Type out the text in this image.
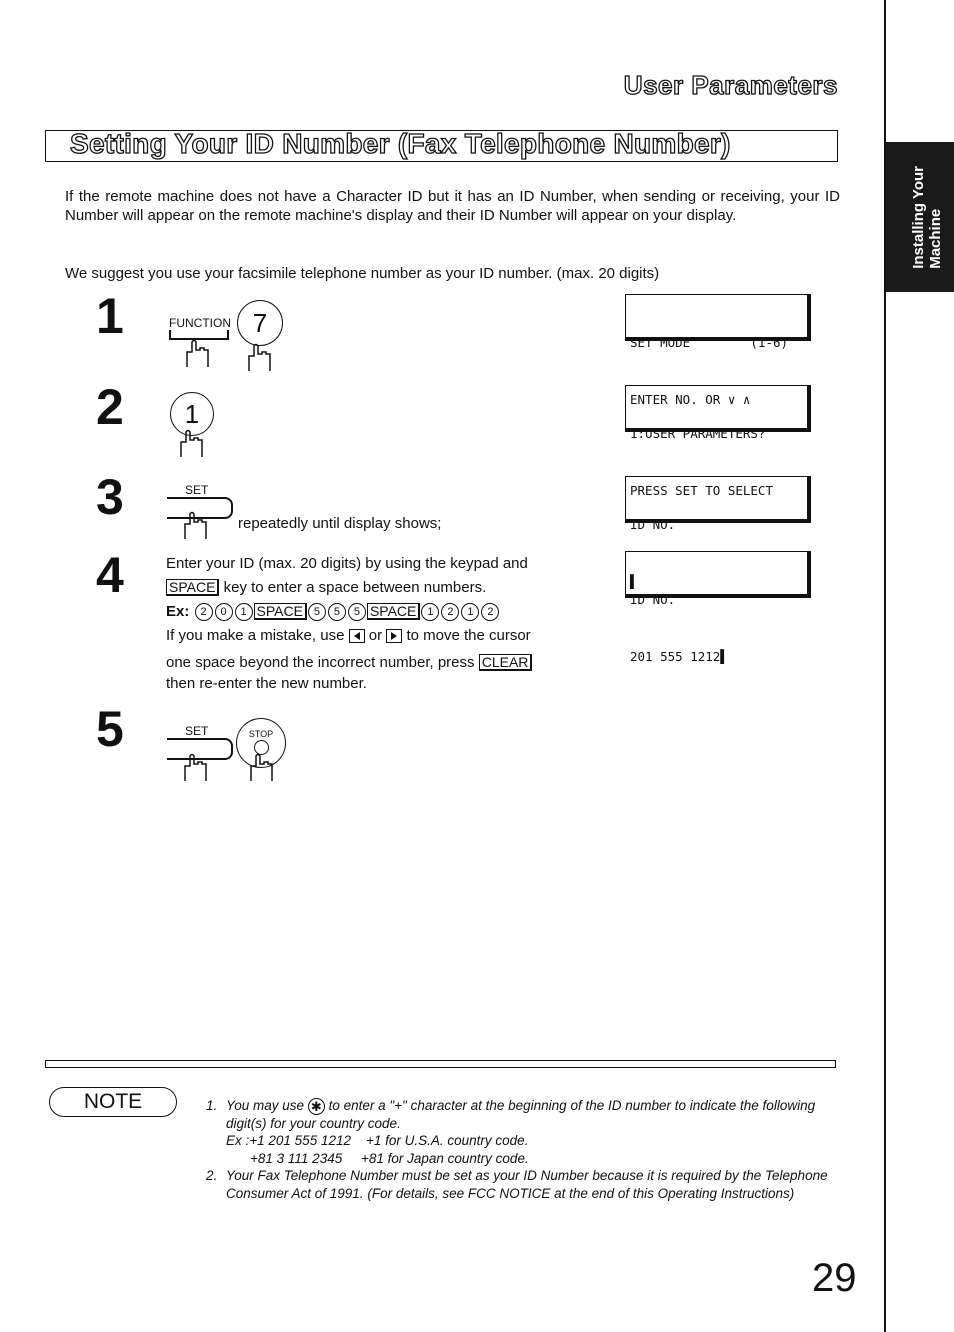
Installing Your
Machine
User Parameters
Setting Your ID Number (Fax Telephone Number)
If the remote machine does not have a Character ID but it has an ID Number, when sending or receiving, your ID Number will appear on the remote machine's display and their ID Number will appear on your display.
We suggest you use your facsimile telephone number as your ID number. (max. 20 digits)
1	FUNCTION 7

SET MODE        (1-6)

ENTER NO. OR ∨ ∧

2 1

1:USER PARAMETERS?

PRESS SET TO SELECT

3	SET
repeatedly until display shows;

	ID NO.

▌

4	Enter your ID (max. 20 digits) by using the keypad and
SPACE key to enter a space between numbers.
Ex: 2 0 1 SPACE 5 5 5 SPACE 1 2 1 2
If you make a mistake, use or to move the cursor
one space beyond the incorrect number, press CLEAR
then re-enter the new number.

ID NO.

201 555 1212▌

5	SET	STOP
NOTE	1. You may use ✱ to enter a "+" character at the beginning of the ID number to indicate the following digit(s) for your country code.
Ex :+1 201 555 1212    +1 for U.S.A. country code.
+81 3 111 2345     +81 for Japan country code.
2. Your Fax Telephone Number must be set as your ID Number because it is required by the Telephone Consumer Act of 1991. (For details, see FCC NOTICE at the end of this Operating Instructions)
29
